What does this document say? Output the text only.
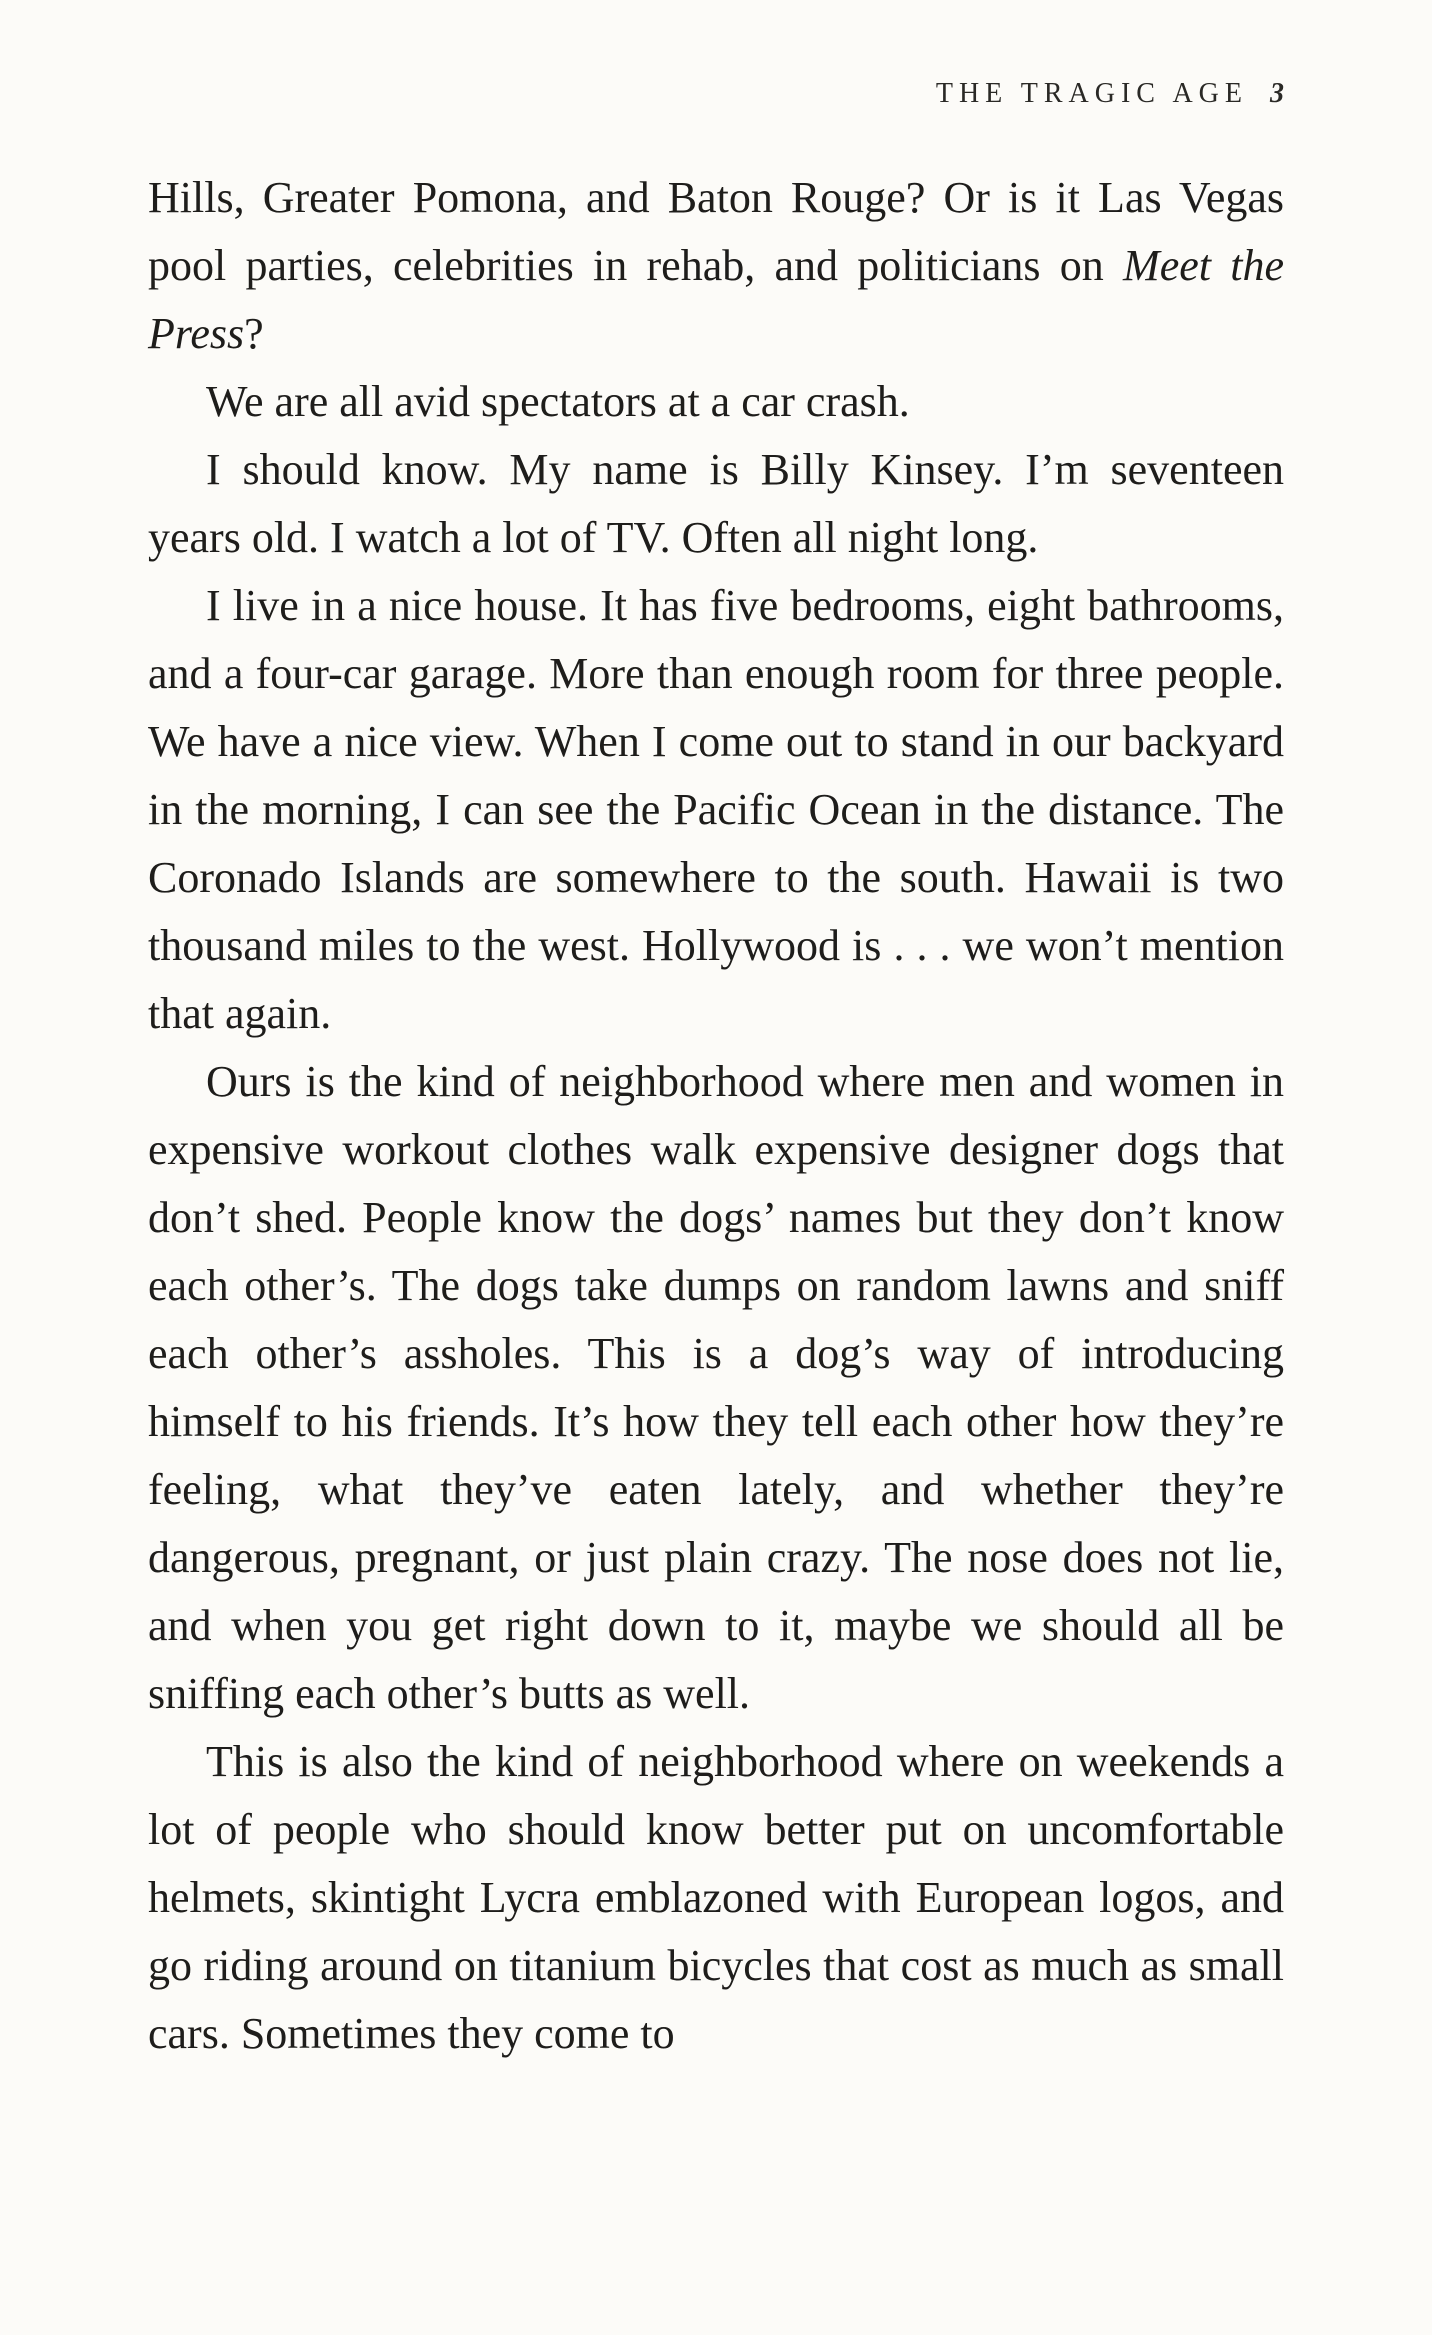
THE TRAGIC AGE 3

Hills, Greater Pomona, and Baton Rouge? Or is it Las Vegas pool parties, celebrities in rehab, and politicians on Meet the Press?

We are all avid spectators at a car crash.

I should know. My name is Billy Kinsey. I’m seventeen years old. I watch a lot of TV. Often all night long.

I live in a nice house. It has five bedrooms, eight bathrooms, and a four-car garage. More than enough room for three people. We have a nice view. When I come out to stand in our backyard in the morning, I can see the Pacific Ocean in the distance. The Coronado Islands are somewhere to the south. Hawaii is two thousand miles to the west. Hollywood is . . . we won’t mention that again.

Ours is the kind of neighborhood where men and women in expensive workout clothes walk expensive designer dogs that don’t shed. People know the dogs’ names but they don’t know each other’s. The dogs take dumps on random lawns and sniff each other’s assholes. This is a dog’s way of introducing himself to his friends. It’s how they tell each other how they’re feeling, what they’ve eaten lately, and whether they’re dangerous, pregnant, or just plain crazy. The nose does not lie, and when you get right down to it, maybe we should all be sniffing each other’s butts as well.

This is also the kind of neighborhood where on weekends a lot of people who should know better put on uncomfortable helmets, skintight Lycra emblazoned with European logos, and go riding around on titanium bicycles that cost as much as small cars. Sometimes they come to
